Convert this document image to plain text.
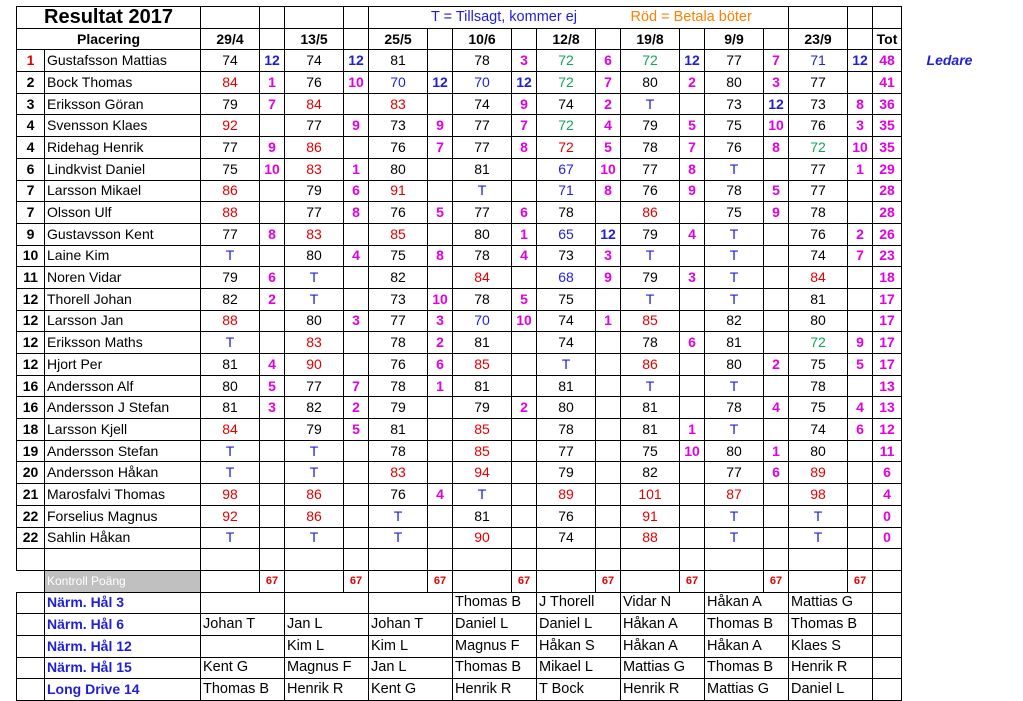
Resultat 2017						T = Tillsagt, kommer ej						Röd = Betala böter							
Placering		29/4		13/5		25/5		10/6		12/8		19/8		9/9		23/9		Tot	
1	Gustafsson Mattias	74	12	74	12	81		78	3	72	6	72	12	77	7	71	12	48	Ledare
2	Bock Thomas	84	1	76	10	70	12	70	12	72	7	80	2	80	3	77		41	
3	Eriksson Göran	79	7	84		83		74	9	74	2	T		73	12	73	8	36	
4	Svensson Klaes	92		77	9	73	9	77	7	72	4	79	5	75	10	76	3	35	
4	Ridehag Henrik	77	9	86		76	7	77	8	72	5	78	7	76	8	72	10	35	
6	Lindkvist Daniel	75	10	83	1	80		81		67	10	77	8	T		77	1	29	
7	Larsson Mikael	86		79	6	91		T		71	8	76	9	78	5	77		28	
7	Olsson Ulf	88		77	8	76	5	77	6	78		86		75	9	78		28	
9	Gustavsson Kent	77	8	83		85		80	1	65	12	79	4	T		76	2	26	
10	Laine Kim	T		80	4	75	8	78	4	73	3	T		T		74	7	23	
11	Noren Vidar	79	6	T		82		84		68	9	79	3	T		84		18	
12	Thorell Johan	82	2	T		73	10	78	5	75		T		T		81		17	
12	Larsson Jan	88		80	3	77	3	70	10	74	1	85		82		80		17	
12	Eriksson Maths	T		83		78	2	81		74		78	6	81		72	9	17	
12	Hjort Per	81	4	90		76	6	85		T		86		80	2	75	5	17	
16	Andersson Alf	80	5	77	7	78	1	81		81		T		T		78		13	
16	Andersson J Stefan	81	3	82	2	79		79	2	80		81		78	4	75	4	13	
18	Larsson Kjell	84		79	5	81		85		78		81	1	T		74	6	12	
19	Andersson Stefan	T		T		78		85		77		75	10	80	1	80		11	
20	Andersson Håkan	T		T		83		94		79		82		77	6	89		6	
21	Marosfalvi Thomas	98		86		76	4	T		89		101		87		98		4	
22	Forselius Magnus	92		86		T		81		76		91		T		T		0	
22	Sahlin Håkan	T		T		T		90		74		88		T		T		0	

	Kontroll Poäng		67		67		67		67		67		67		67		67		
	Närm. Hål 3							Thomas B		J Thorell		Vidar N		Håkan A		Mattias G			
	Närm. Hål 6	Johan T		Jan L		Johan T		Daniel L		Daniel L		Håkan A		Thomas B		Thomas B			
	Närm. Hål 12			Kim L		Kim L		Magnus F		Håkan S		Håkan A		Håkan A		Klaes S			
	Närm. Hål 15	Kent G		Magnus F		Jan L		Thomas B		Mikael L		Mattias G		Thomas B		Henrik R			
	Long Drive 14	Thomas B		Henrik R		Kent G		Henrik R		T Bock		Henrik R		Mattias G		Daniel L			
